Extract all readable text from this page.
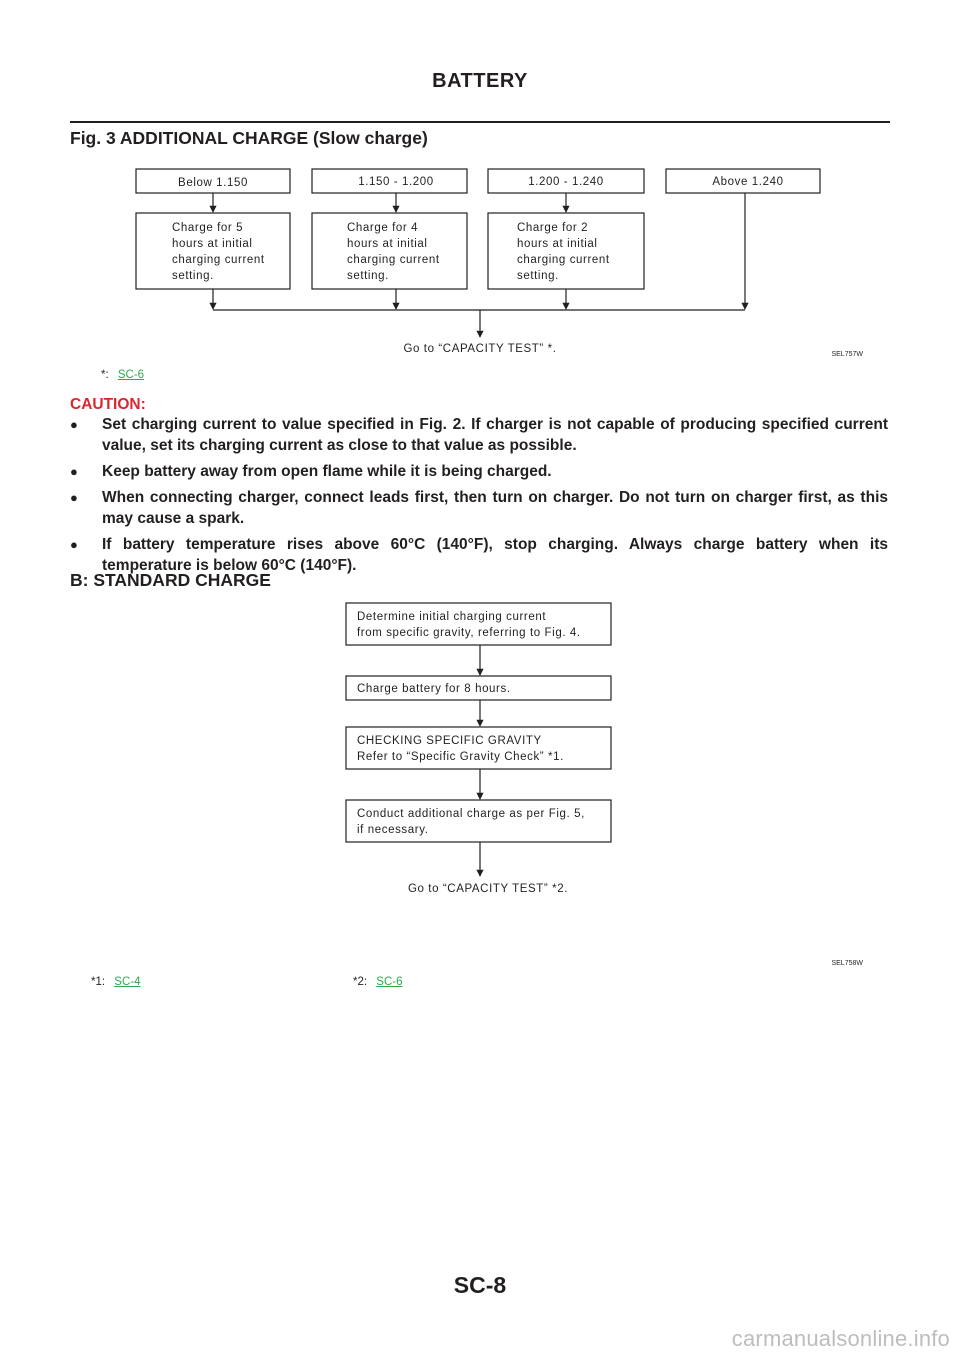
BATTERY
Fig. 3 ADDITIONAL CHARGE (Slow charge)
Below 1.150	1.150 - 1.200	1.200 - 1.240	Above 1.240
Charge for 5
hours at initial
charging current
setting.
Charge for 4
hours at initial
charging current
setting.
Charge for 2
hours at initial
charging current
setting.
Go to “CAPACITY TEST” *.	SEL757W
Determine initial charging current
from specific gravity, referring to Fig. 4.
Charge battery for 8 hours.
CHECKING SPECIFIC GRAVITY
Refer to “Specific Gravity Check” *1.
Conduct additional charge as per Fig. 5,
if necessary.
Go to “CAPACITY TEST” *2.
SEL758W
*: SC-6
CAUTION:
● Set charging current to value specified in Fig. 2. If charger is not capable of producing specified current value, set its charging current as close to that value as possible.
● Keep battery away from open flame while it is being charged.
● When connecting charger, connect leads first, then turn on charger. Do not turn on charger first, as this may cause a spark.
● If battery temperature rises above 60°C (140°F), stop charging. Always charge battery when its temperature is below 60°C (140°F).
B: STANDARD CHARGE
*1: SC-4	*2: SC-6
SC-8
carmanualsonline.info
